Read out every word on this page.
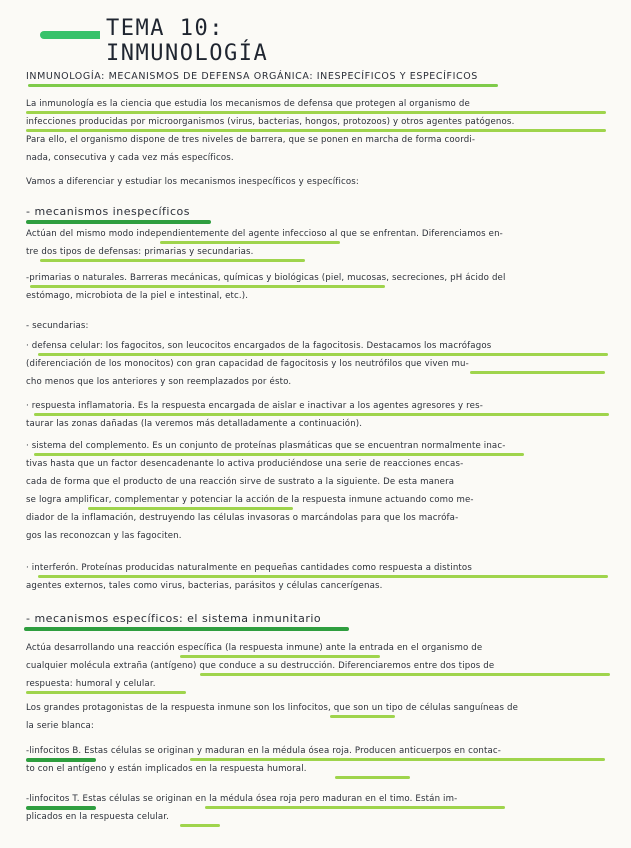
TEMA 10: INMUNOLOGÍA
INMUNOLOGÍA: MECANISMOS DE DEFENSA ORGÁNICA: INESPECÍFICOS Y ESPECÍFICOS
La inmunología es la ciencia que estudia los mecanismos de defensa que protegen al organismo de
infecciones producidas por microorganismos (virus, bacterias, hongos, protozoos) y otros agentes patógenos.
Para ello, el organismo dispone de tres niveles de barrera, que se ponen en marcha de forma coordi-
nada, consecutiva y cada vez más específicos.
Vamos a diferenciar y estudiar los mecanismos inespecíficos y específicos:
- mecanismos inespecíficos
Actúan del mismo modo independientemente del agente infeccioso al que se enfrentan. Diferenciamos en-
tre dos tipos de defensas: primarias y secundarias.
-primarias o naturales. Barreras mecánicas, químicas y biológicas (piel, mucosas, secreciones, pH ácido del
estómago, microbiota de la piel e intestinal, etc.).
- secundarias:
· defensa celular: los fagocitos, son leucocitos encargados de la fagocitosis. Destacamos los macrófagos
(diferenciación de los monocitos) con gran capacidad de fagocitosis y los neutrófilos que viven mu-
cho menos que los anteriores y son reemplazados por ésto.
· respuesta inflamatoria. Es la respuesta encargada de aislar e inactivar a los agentes agresores y res-
taurar las zonas dañadas (la veremos más detalladamente a continuación).
· sistema del complemento. Es un conjunto de proteínas plasmáticas que se encuentran normalmente inac-
tivas hasta que un factor desencadenante lo activa produciéndose una serie de reacciones encas-
cada de forma que el producto de una reacción sirve de sustrato a la siguiente. De esta manera
se logra amplificar, complementar y potenciar la acción de la respuesta inmune actuando como me-
diador de la inflamación, destruyendo las células invasoras o marcándolas para que los macrófa-
gos las reconozcan y las fagociten.
· interferón. Proteínas producidas naturalmente en pequeñas cantidades como respuesta a distintos
agentes externos, tales como virus, bacterias, parásitos y células cancerígenas.
- mecanismos específicos: el sistema inmunitario
Actúa desarrollando una reacción específica (la respuesta inmune) ante la entrada en el organismo de
cualquier molécula extraña (antígeno) que conduce a su destrucción. Diferenciaremos entre dos tipos de
respuesta: humoral y celular.
Los grandes protagonistas de la respuesta inmune son los linfocitos, que son un tipo de células sanguíneas de
la serie blanca:
-linfocitos B. Estas células se originan y maduran en la médula ósea roja. Producen anticuerpos en contac-
to con el antígeno y están implicados en la respuesta humoral.
-linfocitos T. Estas células se originan en la médula ósea roja pero maduran en el timo. Están im-
plicados en la respuesta celular.
